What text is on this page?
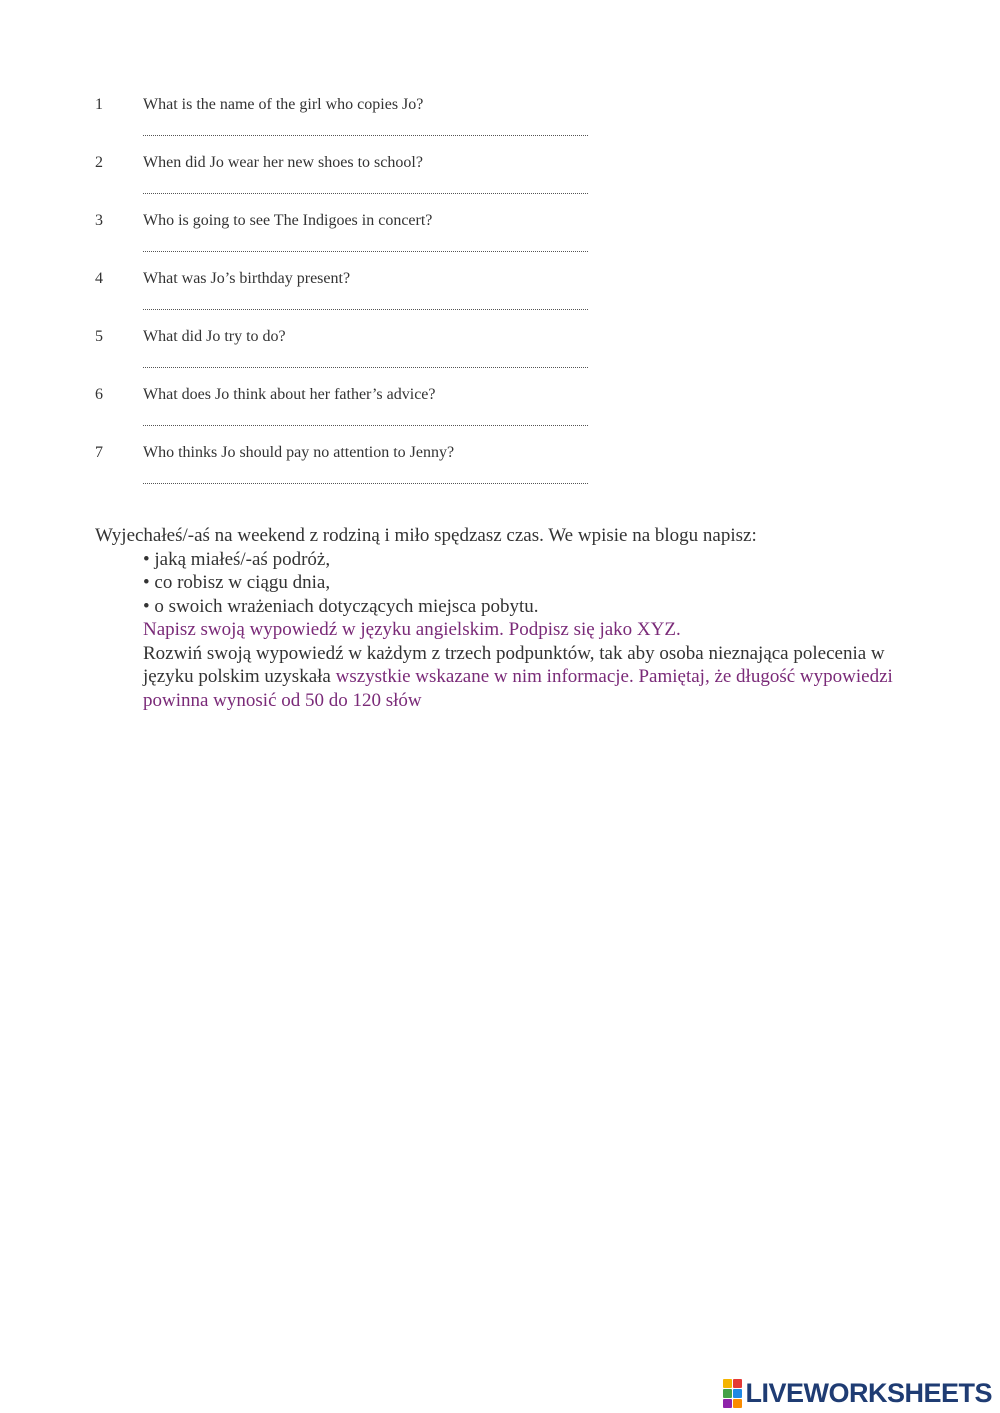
1	What is the name of the girl who copies Jo?
2	When did Jo wear her new shoes to school?
3	Who is going to see The Indigoes in concert?
4	What was Jo’s birthday present?
5	What did Jo try to do?
6	What does Jo think about her father’s advice?
7	Who thinks Jo should pay no attention to Jenny?

Wyjechałeś/-aś na weekend z rodziną i miło spędzasz czas. We wpisie na blogu napisz:

• jaką miałeś/-aś podróż,

• co robisz w ciągu dnia,

• o swoich wrażeniach dotyczących miejsca pobytu.

Napisz swoją wypowiedź w języku angielskim. Podpisz się jako XYZ.

Rozwiń swoją wypowiedź w każdym z trzech podpunktów, tak aby osoba nieznająca polecenia w języku polskim uzyskała wszystkie wskazane w nim informacje. Pamiętaj, że długość wypowiedzi powinna wynosić od 50 do 120 słów

LIVEWORKSHEETS
